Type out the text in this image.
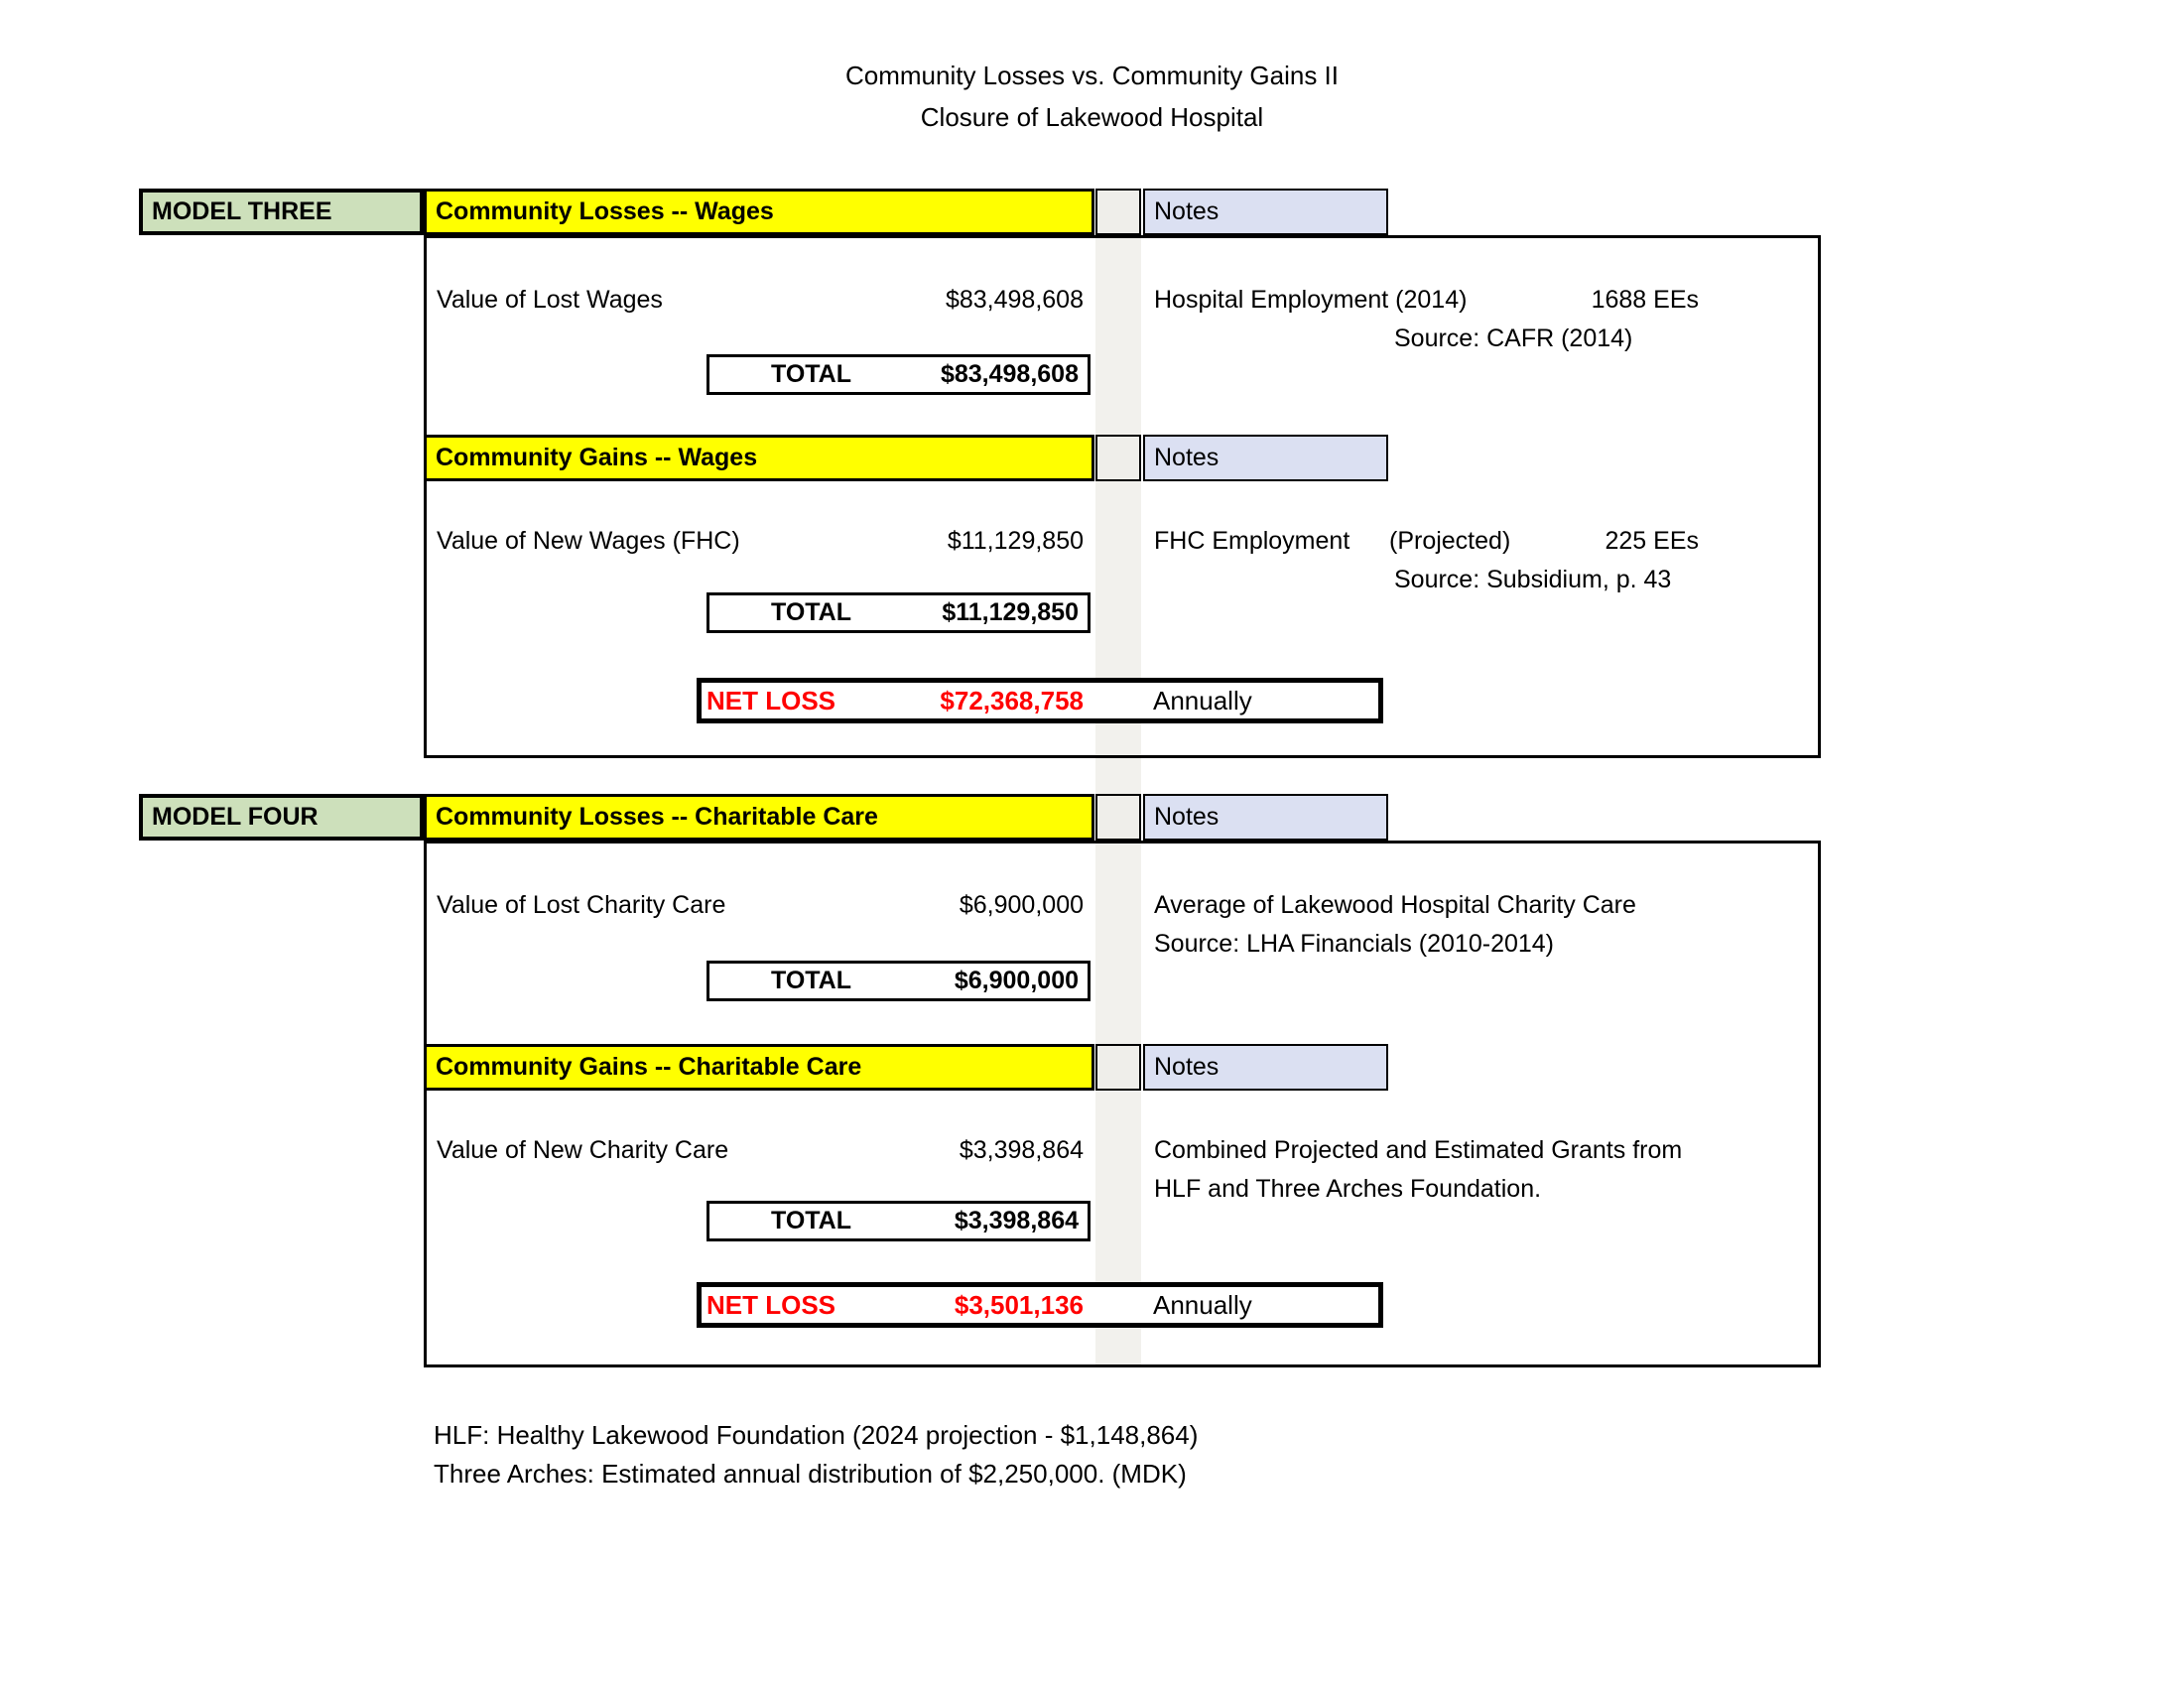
Community Losses vs. Community Gains II
Closure of Lakewood Hospital
MODEL THREE	Community Losses -- Wages	Notes
Value of Lost Wages	$83,498,608	Hospital Employment (2014)	1688 EEs
Source: CAFR (2014)
TOTAL	$83,498,608
Community Gains -- Wages	Notes
Value of New Wages (FHC)	$11,129,850	FHC Employment (Projected)	225 EEs
Source: Subsidium, p. 43
TOTAL	$11,129,850
NET LOSS	$72,368,758	Annually
MODEL FOUR	Community Losses -- Charitable Care	Notes
Value of Lost Charity Care	$6,900,000	Average of Lakewood Hospital Charity Care
Source: LHA Financials (2010-2014)
TOTAL	$6,900,000
Community Gains -- Charitable Care	Notes
Value of New Charity Care	$3,398,864	Combined Projected and Estimated Grants from
HLF and Three Arches Foundation.
TOTAL	$3,398,864
NET LOSS	$3,501,136	Annually
HLF: Healthy Lakewood Foundation (2024 projection - $1,148,864)
Three Arches: Estimated annual distribution of $2,250,000. (MDK)
